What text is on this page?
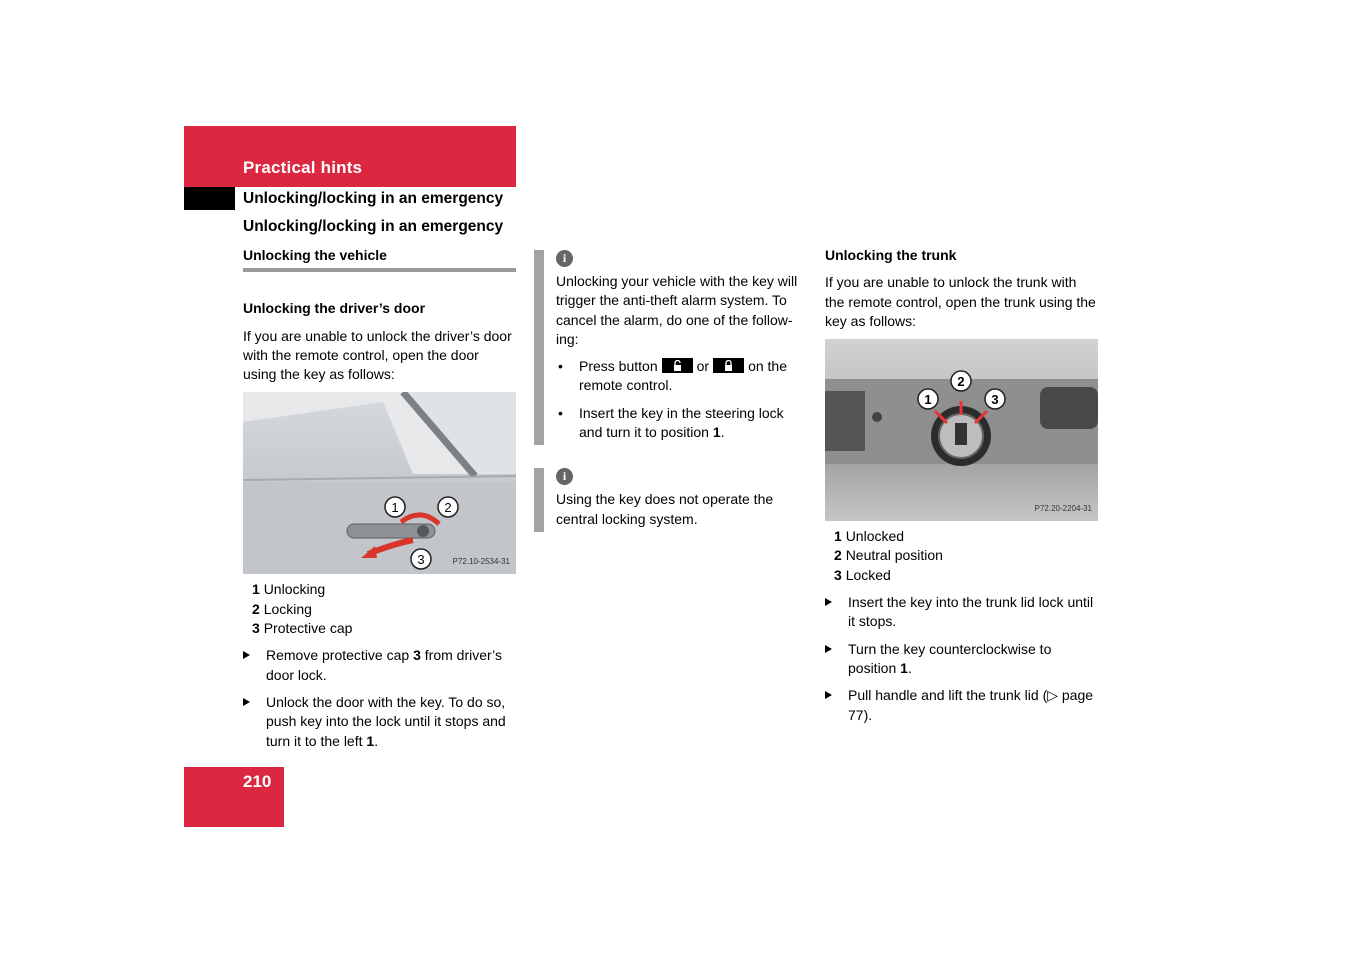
Practical hints
Unlocking/locking in an emergency
Unlocking/locking in an emergency
Unlocking the vehicle
Unlocking the driver’s door
If you are unable to unlock the driver’s door with the remote control, open the door using the key as follows:
1	2
3	P72.10-2534-31
1 Unlocking
2 Locking
3 Protective cap
Remove protective cap 3 from driver’s door lock.
Unlock the door with the key. To do so, push key into the lock until it stops and turn it to the left 1.
i
Unlocking your vehicle with the key will trigger the anti-theft alarm system. To cancel the alarm, do one of the follow-ing:
• Press button	or	on the remote control.
• Insert the key in the steering lock and turn it to position 1.
i
Using the key does not operate the central locking system.
Unlocking the trunk
If you are unable to unlock the trunk with the remote control, open the trunk using the key as follows:
1
2
3
P72.20-2204-31
1 Unlocked
2 Neutral position
3 Locked
Insert the key into the trunk lid lock until it stops.
Turn the key counterclockwise to position 1.
Pull handle and lift the trunk lid (▷ page 77).
210
